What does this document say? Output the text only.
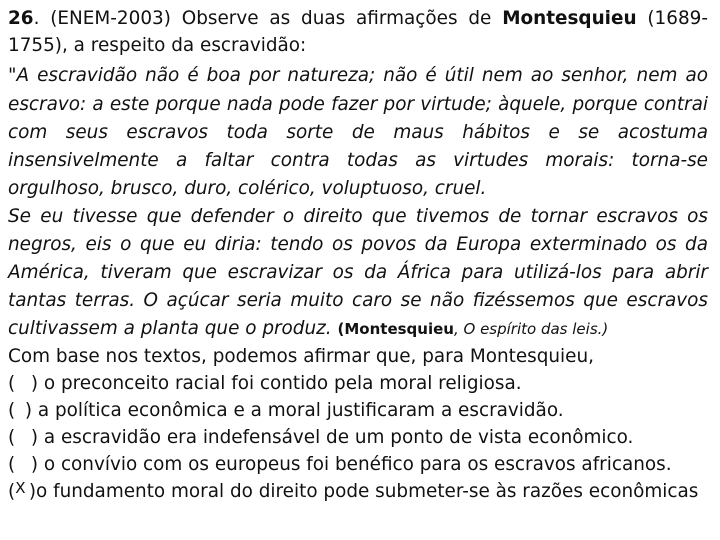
26. (ENEM-2003) Observe as duas afirmações de Montesquieu (1689-
1755), a respeito da escravidão:
"A escravidão não é boa por natureza; não é útil nem ao senhor, nem ao
escravo: a este porque nada pode fazer por virtude; àquele, porque contrai
com seus escravos toda sorte de maus hábitos e se acostuma
insensivelmente a faltar contra todas as virtudes morais: torna-se
orgulhoso, brusco, duro, colérico, voluptuoso, cruel.
Se eu tivesse que defender o direito que tivemos de tornar escravos os
negros, eis o que eu diria: tendo os povos da Europa exterminado os da
América, tiveram que escravizar os da África para utilizá-los para abrir
tantas terras. O açúcar seria muito caro se não fizéssemos que escravos
cultivassem a planta que o produz. (Montesquieu, O espírito das leis.)
Com base nos textos, podemos afirmar que, para Montesquieu,
( ) o preconceito racial foi contido pela moral religiosa.
( ) a política econômica e a moral justificaram a escravidão.
( ) a escravidão era indefensável de um ponto de vista econômico.
( ) o convívio com os europeus foi benéfico para os escravos africanos.
($^X$ ) o fundamento moral do direito pode submeter-se às razões econômicas
